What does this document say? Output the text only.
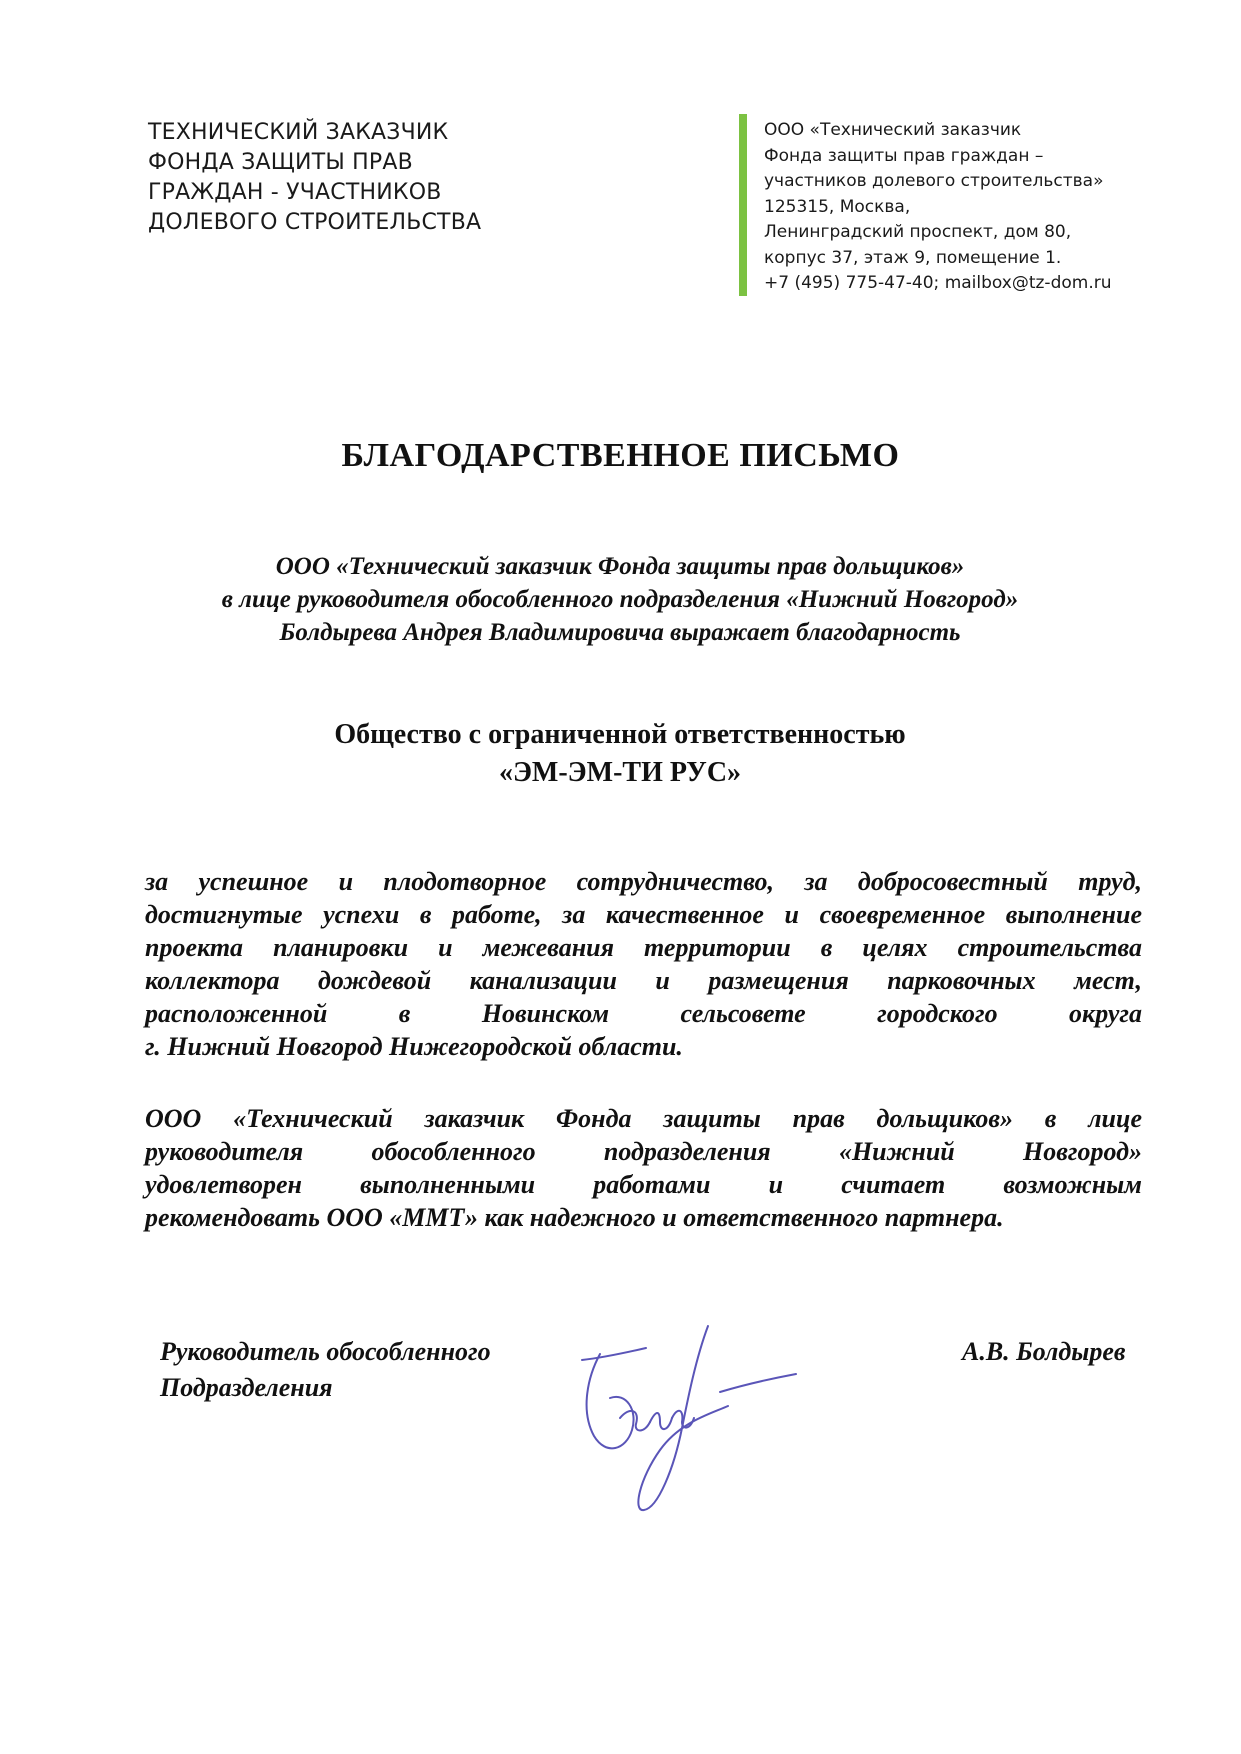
ТЕХНИЧЕСКИЙ ЗАКАЗЧИК
ФОНДА ЗАЩИТЫ ПРАВ
ГРАЖДАН - УЧАСТНИКОВ
ДОЛЕВОГО СТРОИТЕЛЬСТВА
ООО «Технический заказчик
Фонда защиты прав граждан –
участников долевого строительства»
125315, Москва,
Ленинградский проспект, дом 80,
корпус 37, этаж 9, помещение 1.
+7 (495) 775-47-40; mailbox@tz-dom.ru
БЛАГОДАРСТВЕННОЕ ПИСЬМО
ООО «Технический заказчик Фонда защиты прав дольщиков»
в лице руководителя обособленного подразделения «Нижний Новгород»
Болдырева Андрея Владимировича выражает благодарность
Общество с ограниченной ответственностью
«ЭМ-ЭМ-ТИ РУС»
за успешное и плодотворное сотрудничество, за добросовестный труд,
достигнутые успехи в работе, за качественное и своевременное выполнение
проекта планировки и межевания территории в целях строительства
коллектора дождевой канализации и размещения парковочных мест,
расположенной в Новинском сельсовете городского округа
г. Нижний Новгород Нижегородской области.
ООО «Технический заказчик Фонда защиты прав дольщиков» в лице
руководителя обособленного подразделения «Нижний Новгород»
удовлетворен выполненными работами и считает возможным
рекомендовать ООО «ММТ» как надежного и ответственного партнера.
Руководитель обособленного
Подразделения
А.В. Болдырев
